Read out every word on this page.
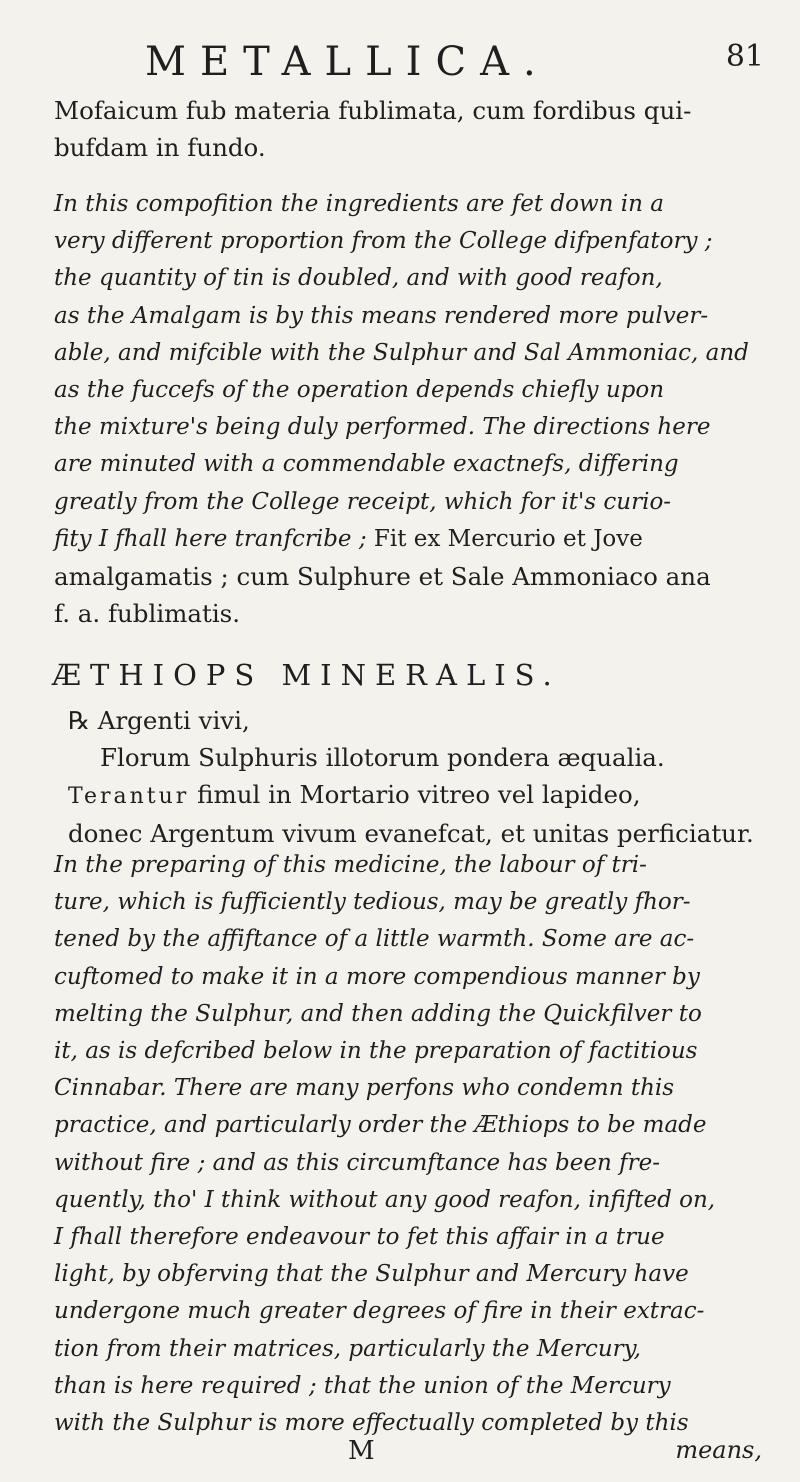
METALLICA.	81
Mofaicum fub materia fublimata, cum fordibus qui-
bufdam in fundo.
In this compofition the ingredients are fet down in a
very different proportion from the College difpenfatory ;
the quantity of tin is doubled, and with good reafon,
as the Amalgam is by this means rendered more pulver-
able, and mifcible with the Sulphur and Sal Ammoniac, and
as the fuccefs of the operation depends chiefly upon
the mixture's being duly performed. The directions here
are minuted with a commendable exactnefs, differing
greatly from the College receipt, which for it's curio-
fity I fhall here tranfcribe ; Fit ex Mercurio et Jove
amalgamatis ; cum Sulphure et Sale Ammoniaco ana
f. a. fublimatis.
ÆTHIOPS MINERALIS.
℞ Argenti vivi,
Florum Sulphuris illotorum pondera æqualia.
Terantur fimul in Mortario vitreo vel lapideo,
donec Argentum vivum evanefcat, et unitas perficiatur.
In the preparing of this medicine, the labour of tri-
ture, which is fufficiently tedious, may be greatly fhor-
tened by the affiftance of a little warmth. Some are ac-
cuftomed to make it in a more compendious manner by
melting the Sulphur, and then adding the Quickfilver to
it, as is defcribed below in the preparation of factitious
Cinnabar. There are many perfons who condemn this
practice, and particularly order the Æthiops to be made
without fire ; and as this circumftance has been fre-
quently, tho' I think without any good reafon, infifted on,
I fhall therefore endeavour to fet this affair in a true
light, by obferving that the Sulphur and Mercury have
undergone much greater degrees of fire in their extrac-
tion from their matrices, particularly the Mercury,
than is here required ; that the union of the Mercury
with the Sulphur is more effectually completed by this
M	means,
